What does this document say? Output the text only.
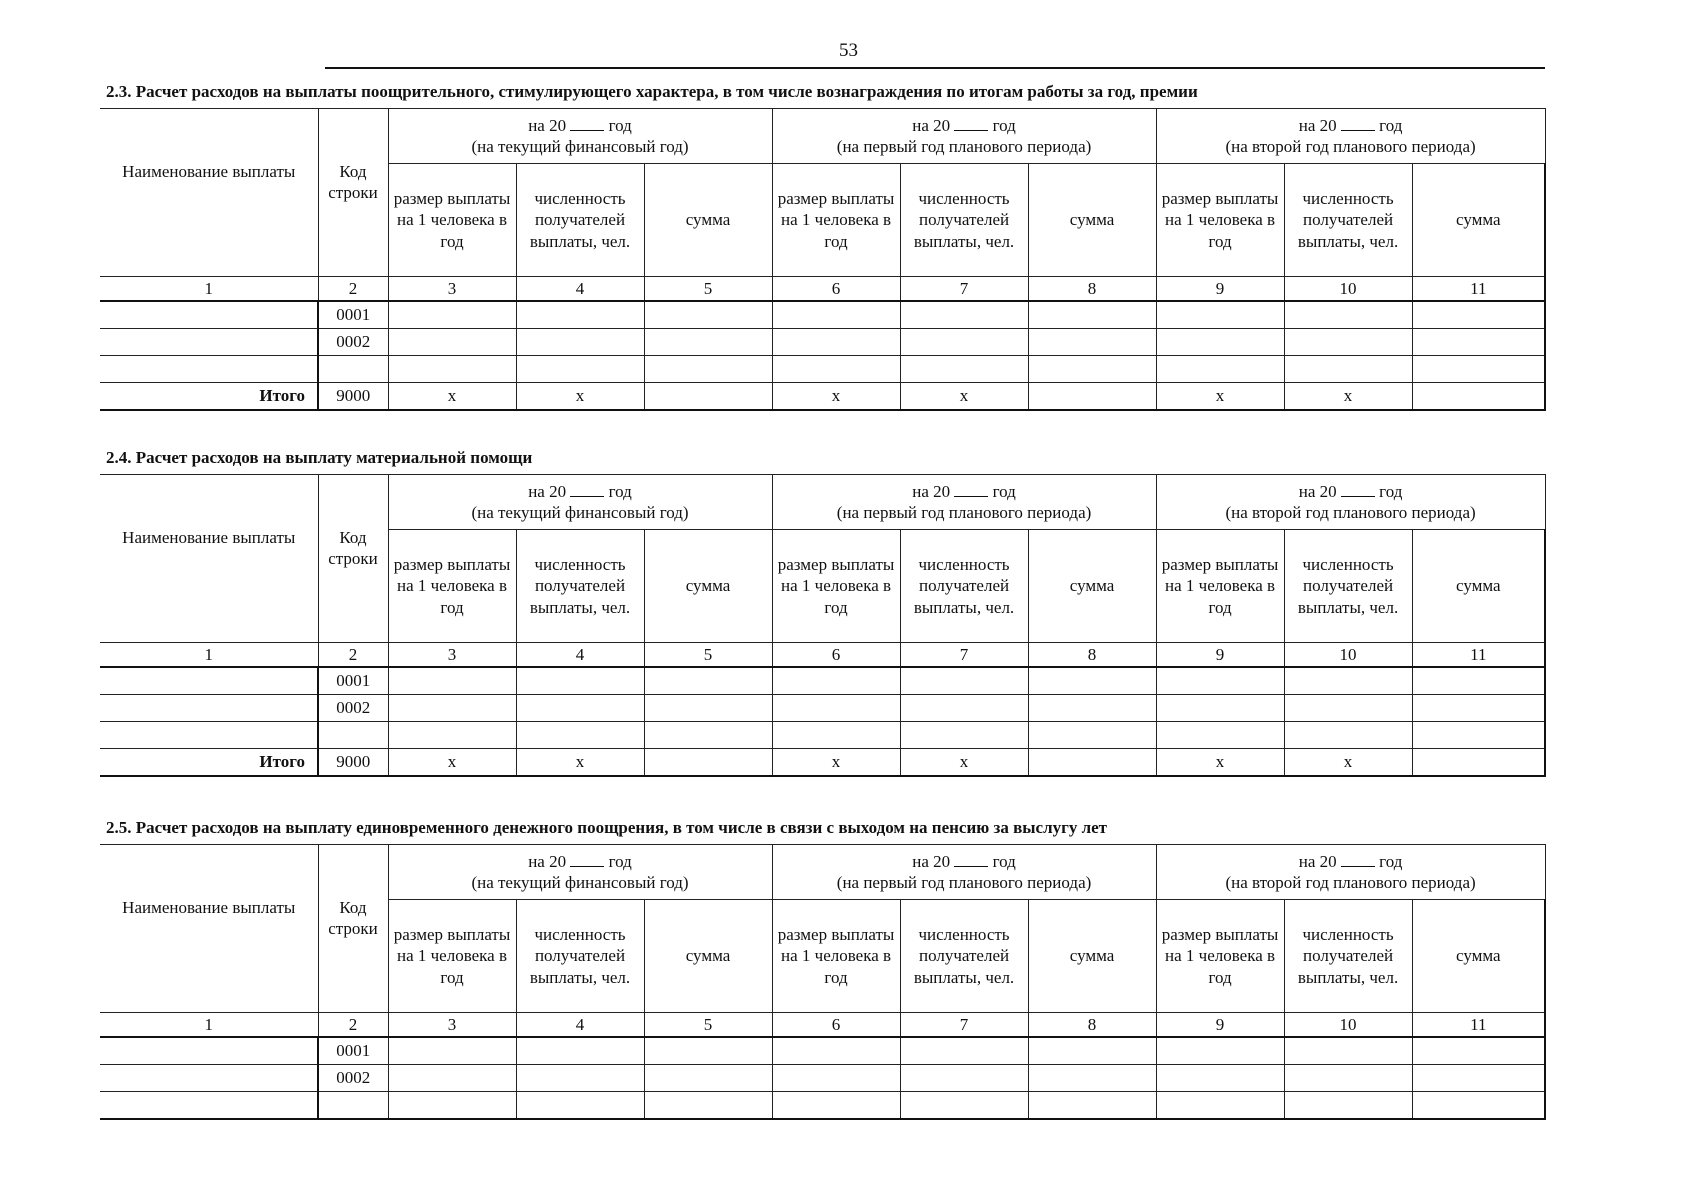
53
2.3. Расчет расходов на выплаты поощрительного, стимулирующего характера, в том числе вознаграждения по итогам работы за год, премии
Наименование выплаты	Код строки	на 20 год
(на текущий финансовый год)			на 20 год
(на первый год планового периода)			на 20 год
(на второй год планового периода)		
		размер выплаты на 1 человека в год	численность получателей выплаты, чел.	сумма	размер выплаты на 1 человека в год	численность получателей выплаты, чел.	сумма	размер выплаты на 1 человека в год	численность получателей выплаты, чел.	сумма
1	2	3	4	5	6	7	8	9	10	11
	0001									
	0002									

Итого	9000	x	x		x	x		x	x	
2.4. Расчет расходов на выплату материальной помощи
Наименование выплаты	Код строки	на 20 год
(на текущий финансовый год)			на 20 год
(на первый год планового периода)			на 20 год
(на второй год планового периода)		
		размер выплаты на 1 человека в год	численность получателей выплаты, чел.	сумма	размер выплаты на 1 человека в год	численность получателей выплаты, чел.	сумма	размер выплаты на 1 человека в год	численность получателей выплаты, чел.	сумма
1	2	3	4	5	6	7	8	9	10	11
	0001									
	0002									

Итого	9000	x	x		x	x		x	x	
2.5. Расчет расходов на выплату единовременного денежного поощрения, в том числе в связи с выходом на пенсию за выслугу лет
Наименование выплаты	Код строки	на 20 год
(на текущий финансовый год)			на 20 год
(на первый год планового периода)			на 20 год
(на второй год планового периода)		
		размер выплаты на 1 человека в год	численность получателей выплаты, чел.	сумма	размер выплаты на 1 человека в год	численность получателей выплаты, чел.	сумма	размер выплаты на 1 человека в год	численность получателей выплаты, чел.	сумма
1	2	3	4	5	6	7	8	9	10	11
	0001									
	0002									
